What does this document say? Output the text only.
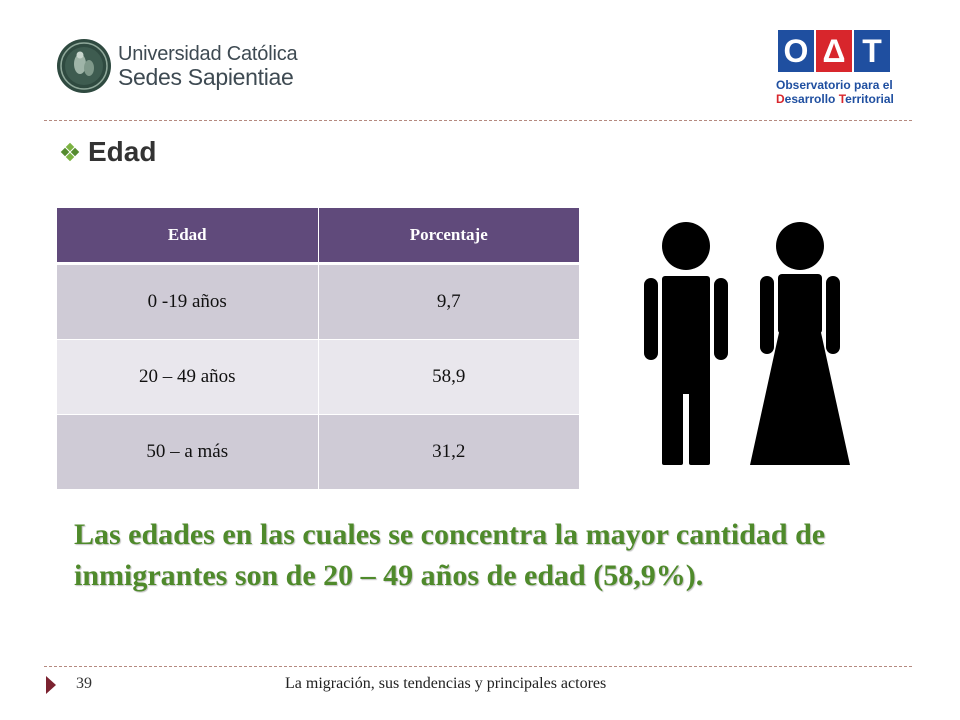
Universidad Católica
Sedes Sapientiae
O Δ T
Observatorio para el
Desarrollo Territorial
Edad
Edad	Porcentaje
0 -19 años	9,7
20 – 49 años	58,9
50 – a más	31,2
Las edades en las cuales se concentra la mayor cantidad de inmigrantes son de 20 – 49 años de edad (58,9%).
39	La migración, sus tendencias y principales actores
